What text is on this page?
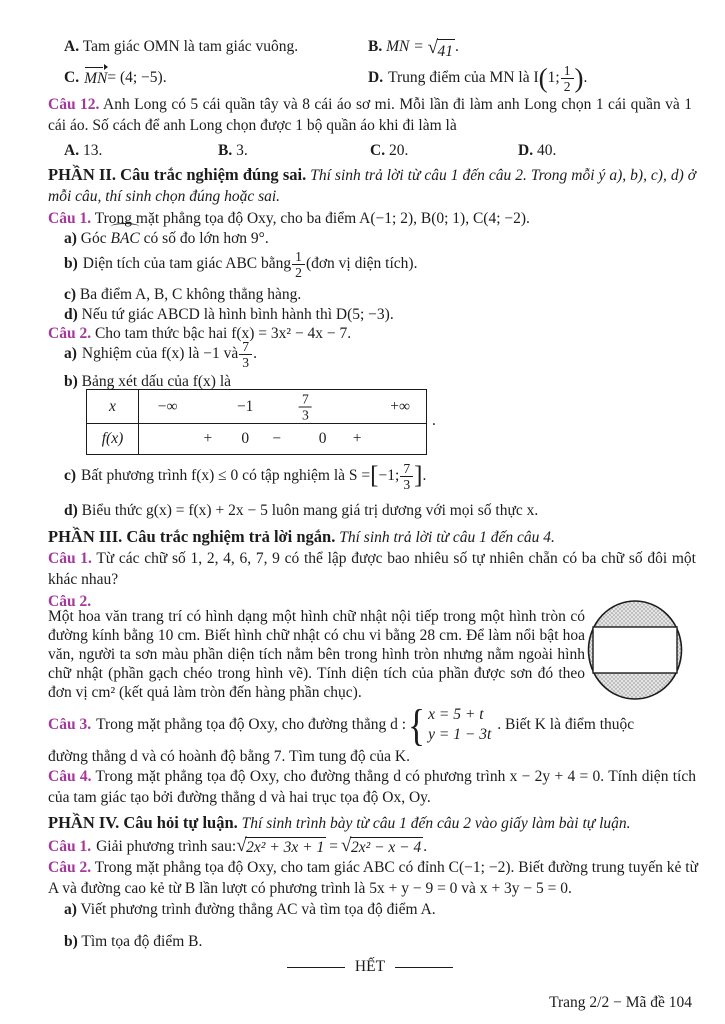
A. Tam giác OMN là tam giác vuông.	B. MN = √ 41 .
C. MN = (4; −5).	D. Trung điểm của MN là I ( 1; $\frac{1}{2}$ ) .
Câu 12. Anh Long có 5 cái quần tây và 8 cái áo sơ mi. Mỗi lần đi làm anh Long chọn 1 cái quần và 1 cái áo. Số cách để anh Long chọn được 1 bộ quần áo khi đi làm là
A. 13.	B. 3.	C. 20.	D. 40.
PHẦN II. Câu trắc nghiệm đúng sai. Thí sinh trả lời từ câu 1 đến câu 2. Trong mỗi ý a), b), c), d) ở mỗi câu, thí sinh chọn đúng hoặc sai.
Câu 1. Trong mặt phẳng tọa độ Oxy, cho ba điểm A(−1; 2), B(0; 1), C(4; −2).
a) Góc
BAC có số đo lớn hơn 9°.
b) Diện tích của tam giác ABC bằng $\frac{1}{2}$ (đơn vị diện tích).
c) Ba điểm A, B, C không thẳng hàng.
d) Nếu tứ giác ABCD là hình bình hành thì D(5; −3).
Câu 2. Cho tam thức bậc hai f(x) = 3x² − 4x − 7.
a) Nghiệm của f(x) là −1 và $\frac{7}{3}$ .
b) Bảng xét dấu của f(x) là
x	−∞	−1	$\frac{7}{3}$	+∞
f(x)	+ 0 − 0 +
.
c) Bất phương trình f(x) ≤ 0 có tập nghiệm là S = [ −1; $\frac{7}{3}$ ] .
d) Biểu thức g(x) = f(x) + 2x − 5 luôn mang giá trị dương với mọi số thực x.
PHẦN III. Câu trắc nghiệm trả lời ngắn. Thí sinh trả lời từ câu 1 đến câu 4.
Câu 1. Từ các chữ số 1, 2, 4, 6, 7, 9 có thể lập được bao nhiêu số tự nhiên chẵn có ba chữ số đôi một khác nhau?
Câu 2.
Một hoa văn trang trí có hình dạng một hình chữ nhật nội tiếp trong một hình tròn có đường kính bằng 10 cm. Biết hình chữ nhật có chu vi bằng 28 cm. Để làm nổi bật hoa văn, người ta sơn màu phần diện tích nằm bên trong hình tròn nhưng nằm ngoài hình chữ nhật (phần gạch chéo trong hình vẽ). Tính diện tích của phần được sơn đó theo đơn vị cm² (kết quả làm tròn đến hàng phần chục).
Câu 3. Trong mặt phẳng tọa độ Oxy, cho đường thẳng d : { x = 5 + t
y = 1 − 3t
. Biết K là điểm thuộc
đường thẳng d và có hoành độ bằng 7. Tìm tung độ của K.
Câu 4. Trong mặt phẳng tọa độ Oxy, cho đường thẳng d có phương trình x − 2y + 4 = 0. Tính diện tích của tam giác tạo bởi đường thẳng d và hai trục tọa độ Ox, Oy.
PHẦN IV. Câu hỏi tự luận. Thí sinh trình bày từ câu 1 đến câu 2 vào giấy làm bài tự luận.
Câu 1. Giải phương trình sau: √ 2x² + 3x + 1 = √ 2x² − x − 4 .
Câu 2. Trong mặt phẳng tọa độ Oxy, cho tam giác ABC có đỉnh C(−1; −2). Biết đường trung tuyến kẻ từ A và đường cao kẻ từ B lần lượt có phương trình là 5x + y − 9 = 0 và x + 3y − 5 = 0.
a) Viết phương trình đường thẳng AC và tìm tọa độ điểm A.
b) Tìm tọa độ điểm B.
HẾT
Trang 2/2 − Mã đề 104
